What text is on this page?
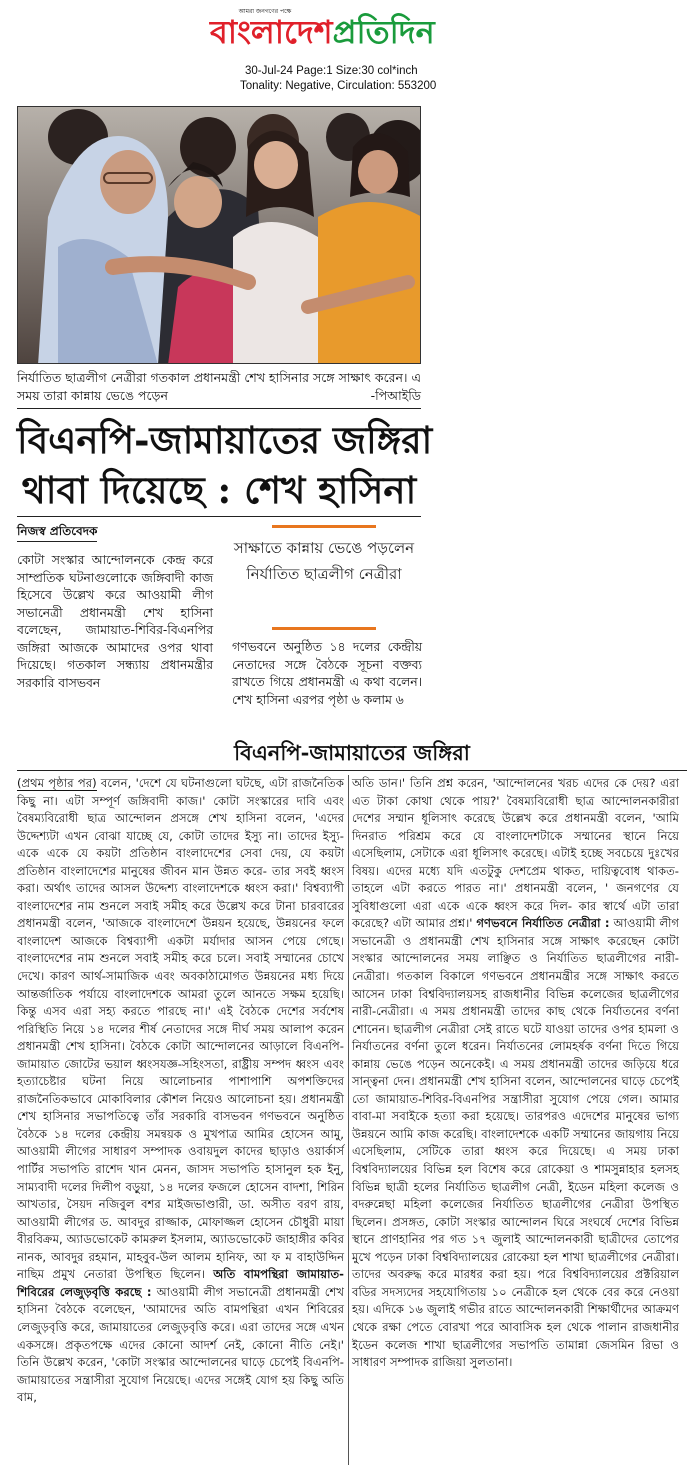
আমরা জনগণের পক্ষে
বাংলাদেশপ্রতিদিন
30-Jul-24 Page:1 Size:30 col*inch
Tonality: Negative, Circulation: 553200
নির্যাতিত ছাত্রলীগ নেত্রীরা গতকাল প্রধানমন্ত্রী শেখ হাসিনার সঙ্গে সাক্ষাৎ করেন। এ সময় তারা কান্নায় ভেঙে পড়েন	-পিআইডি
বিএনপি-জামায়াতের জঙ্গিরা
থাবা দিয়েছে : শেখ হাসিনা
নিজস্ব প্রতিবেদক
কোটা সংস্কার আন্দোলনকে কেন্দ্র করে সাম্প্রতিক ঘটনাগুলোকে জঙ্গিবাদী কাজ হিসেবে উল্লেখ করে আওয়ামী লীগ সভানেত্রী প্রধানমন্ত্রী শেখ হাসিনা বলেছেন, জামায়াত-শিবির-বিএনপির জঙ্গিরা আজকে আমাদের ওপর থাবা দিয়েছে। গতকাল সন্ধ্যায় প্রধানমন্ত্রীর সরকারি বাসভবন
সাক্ষাতে কান্নায় ভেঙে পড়লেন নির্যাতিত ছাত্রলীগ নেত্রীরা
গণভবনে অনুষ্ঠিত ১৪ দলের কেন্দ্রীয় নেতাদের সঙ্গে বৈঠকে সূচনা বক্তব্য রাখতে গিয়ে প্রধানমন্ত্রী এ কথা বলেন। শেখ হাসিনা এরপর পৃষ্ঠা ৬ কলাম ৬
বিএনপি-জামায়াতের জঙ্গিরা
(প্রথম পৃষ্ঠার পর) বলেন, 'দেশে যে ঘটনাগুলো ঘটছে, এটা রাজনৈতিক কিছু না। এটা সম্পূর্ণ জঙ্গিবাদী কাজ।' কোটা সংস্কারের দাবি এবং বৈষম্যবিরোধী ছাত্র আন্দোলন প্রসঙ্গে শেখ হাসিনা বলেন, 'এদের উদ্দেশ্যটা এখন বোঝা যাচ্ছে যে, কোটা তাদের ইস্যু না। তাদের ইস্যু- একে একে যে কয়টা প্রতিষ্ঠান বাংলাদেশের সেবা দেয়, যে কয়টা প্রতিষ্ঠান বাংলাদেশের মানুষের জীবন মান উন্নত করে- তার সবই ধ্বংস করা। অর্থাৎ তাদের আসল উদ্দেশ্য বাংলাদেশকে ধ্বংস করা।' বিশ্বব্যাপী বাংলাদেশের নাম শুনলে সবাই সমীহ করে উল্লেখ করে টানা চারবারের প্রধানমন্ত্রী বলেন, 'আজকে বাংলাদেশে উন্নয়ন হয়েছে, উন্নয়নের ফলে বাংলাদেশ আজকে বিশ্বব্যাপী একটা মর্যাদার আসন পেয়ে গেছে। বাংলাদেশের নাম শুনলে সবাই সমীহ করে চলে। সবাই সম্মানের চোখে দেখে। কারণ আর্থ-সামাজিক এবং অবকাঠামোগত উন্নয়নের মধ্য দিয়ে আন্তর্জাতিক পর্যায়ে বাংলাদেশকে আমরা তুলে আনতে সক্ষম হয়েছি। কিন্তু এসব এরা সহ্য করতে পারছে না।' এই বৈঠকে দেশের সর্বশেষ পরিস্থিতি নিয়ে ১৪ দলের শীর্ষ নেতাদের সঙ্গে দীর্ঘ সময় আলাপ করেন প্রধানমন্ত্রী শেখ হাসিনা। বৈঠকে কোটা আন্দোলনের আড়ালে বিএনপি-জামায়াত জোটের ভয়াল ধ্বংসযজ্ঞ-সহিংসতা, রাষ্ট্রীয় সম্পদ ধ্বংস এবং হত্যাচেষ্টার ঘটনা নিয়ে আলোচনার পাশাপাশি অপশক্তিদের রাজনৈতিকভাবে মোকাবিলার কৌশল নিয়েও আলোচনা হয়। প্রধানমন্ত্রী শেখ হাসিনার সভাপতিত্বে তাঁর সরকারি বাসভবন গণভবনে অনুষ্ঠিত বৈঠকে ১৪ দলের কেন্দ্রীয় সমন্বয়ক ও মুখপাত্র আমির হোসেন আমু, আওয়ামী লীগের সাধারণ সম্পাদক ওবায়দুল কাদের ছাড়াও ওয়ার্কার্স পার্টির সভাপতি রাশেদ খান মেনন, জাসদ সভাপতি হাসানুল হক ইনু, সাম্যবাদী দলের দিলীপ বড়ুয়া, ১৪ দলের ফজলে হোসেন বাদশা, শিরিন আখতার, সৈয়দ নজিবুল বশর মাইজভাণ্ডারী, ডা. অসীত বরণ রায়, আওয়ামী লীগের ড. আবদুর রাজ্জাক, মোফাজ্জল হোসেন চৌধুরী মায়া বীরবিক্রম, অ্যাডভোকেট কামরুল ইসলাম, অ্যাডভোকেট জাহাঙ্গীর কবির নানক, আবদুর রহমান, মাহবুব-উল আলম হানিফ, আ ফ ম বাহাউদ্দিন নাছিম প্রমুখ নেতারা উপস্থিত ছিলেন। অতি বামপন্থিরা জামায়াত-শিবিরের লেজুড়বৃত্তি করছে : আওয়ামী লীগ সভানেত্রী প্রধানমন্ত্রী শেখ হাসিনা বৈঠকে বলেছেন, 'আমাদের অতি বামপন্থিরা এখন শিবিরের লেজুড়বৃত্তি করে, জামায়াতের লেজুড়বৃত্তি করে। এরা তাদের সঙ্গে এখন একসঙ্গে। প্রকৃতপক্ষে এদের কোনো আদর্শ নেই, কোনো নীতি নেই।' তিনি উল্লেখ করেন, 'কোটা সংস্কার আন্দোলনের ঘাড়ে চেপেই বিএনপি-জামায়াতের সন্ত্রাসীরা সুযোগ নিয়েছে। এদের সঙ্গেই যোগ হয় কিছু অতি বাম,
অতি ডান।' তিনি প্রশ্ন করেন, 'আন্দোলনের খরচ এদের কে দেয়? এরা এত টাকা কোথা থেকে পায়?' বৈষম্যবিরোধী ছাত্র আন্দোলনকারীরা দেশের সম্মান ধূলিসাৎ করেছে উল্লেখ করে প্রধানমন্ত্রী বলেন, 'আমি দিনরাত পরিশ্রম করে যে বাংলাদেশটাকে সম্মানের স্থানে নিয়ে এসেছিলাম, সেটাকে এরা ধূলিসাৎ করেছে। এটাই হচ্ছে সবচেয়ে দুঃখের বিষয়। এদের মধ্যে যদি এতটুকু দেশপ্রেম থাকত, দায়িত্ববোধ থাকত- তাহলে এটা করতে পারত না।' প্রধানমন্ত্রী বলেন, ' জনগণের যে সুবিধাগুলো এরা একে একে ধ্বংস করে দিল- কার স্বার্থে এটা তারা করেছে? এটা আমার প্রশ্ন।' গণভবনে নির্যাতিত নেত্রীরা : আওয়ামী লীগ সভানেত্রী ও প্রধানমন্ত্রী শেখ হাসিনার সঙ্গে সাক্ষাৎ করেছেন কোটা সংস্কার আন্দোলনের সময় লাঞ্ছিত ও নির্যাতিত ছাত্রলীগের নারী-নেত্রীরা। গতকাল বিকালে গণভবনে প্রধানমন্ত্রীর সঙ্গে সাক্ষাৎ করতে আসেন ঢাকা বিশ্ববিদ্যালয়সহ রাজধানীর বিভিন্ন কলেজের ছাত্রলীগের নারী-নেত্রীরা। এ সময় প্রধানমন্ত্রী তাদের কাছ থেকে নির্যাতনের বর্ণনা শোনেন। ছাত্রলীগ নেত্রীরা সেই রাতে ঘটে যাওয়া তাদের ওপর হামলা ও নির্যাতনের বর্ণনা তুলে ধরেন। নির্যাতনের লোমহর্ষক বর্ণনা দিতে গিয়ে কান্নায় ভেঙে পড়েন অনেকেই। এ সময় প্রধানমন্ত্রী তাদের জড়িয়ে ধরে সান্ত্বনা দেন। প্রধানমন্ত্রী শেখ হাসিনা বলেন, আন্দোলনের ঘাড়ে চেপেই তো জামায়াত-শিবির-বিএনপির সন্ত্রাসীরা সুযোগ পেয়ে গেল। আমার বাবা-মা সবাইকে হত্যা করা হয়েছে। তারপরও এদেশের মানুষের ভাগ্য উন্নয়নে আমি কাজ করেছি। বাংলাদেশকে একটি সম্মানের জায়গায় নিয়ে এসেছিলাম, সেটিকে তারা ধ্বংস করে দিয়েছে। এ সময় ঢাকা বিশ্ববিদ্যালয়ের বিভিন্ন হল বিশেষ করে রোকেয়া ও শামসুন্নাহার হলসহ বিভিন্ন ছাত্রী হলের নির্যাতিত ছাত্রলীগ নেত্রী, ইডেন মহিলা কলেজ ও বদরুন্নেছা মহিলা কলেজের নির্যাতিত ছাত্রলীগের নেত্রীরা উপস্থিত ছিলেন। প্রসঙ্গত, কোটা সংস্কার আন্দোলন ঘিরে সংঘর্ষে দেশের বিভিন্ন স্থানে প্রাণহানির পর গত ১৭ জুলাই আন্দোলনকারী ছাত্রীদের তোপের মুখে পড়েন ঢাকা বিশ্ববিদ্যালয়ের রোকেয়া হল শাখা ছাত্রলীগের নেত্রীরা। তাদের অবরুদ্ধ করে মারধর করা হয়। পরে বিশ্ববিদ্যালয়ের প্রক্টরিয়াল বডির সদস্যদের সহযোগিতায় ১০ নেত্রীকে হল থেকে বের করে নেওয়া হয়। এদিকে ১৬ জুলাই গভীর রাতে আন্দোলনকারী শিক্ষার্থীদের আক্রমণ থেকে রক্ষা পেতে বোরখা পরে আবাসিক হল থেকে পালান রাজধানীর ইডেন কলেজ শাখা ছাত্রলীগের সভাপতি তামান্না জেসমিন রিভা ও সাধারণ সম্পাদক রাজিয়া সুলতানা।
